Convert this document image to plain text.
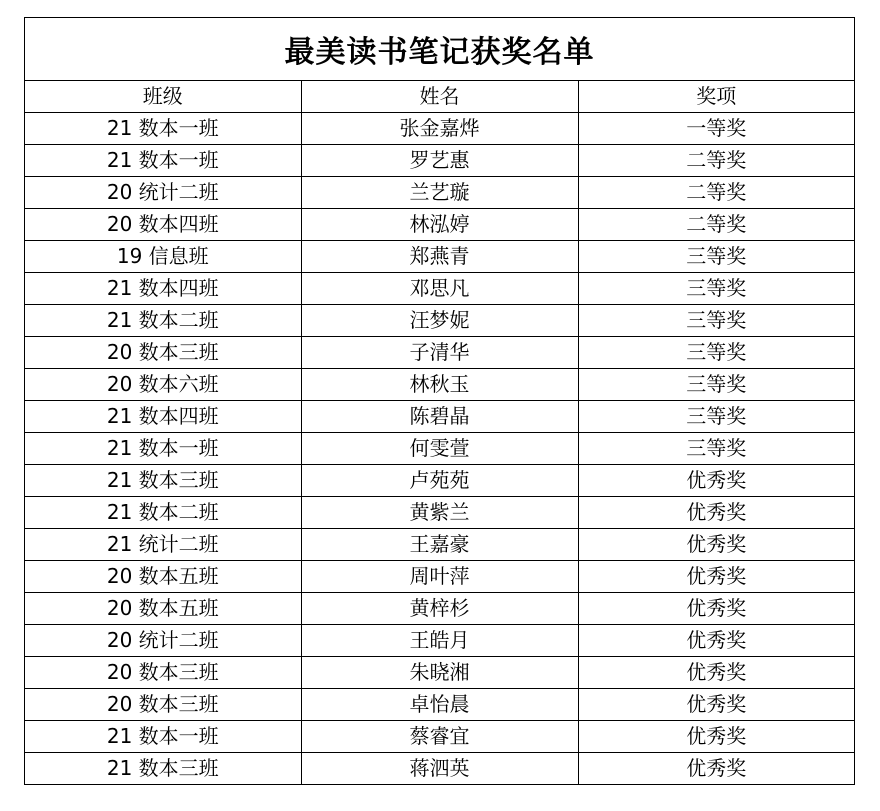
最美读书笔记获奖名单
班级	姓名	奖项
21 数本一班	张金嘉烨	一等奖
21 数本一班	罗艺惠	二等奖
20 统计二班	兰艺璇	二等奖
20 数本四班	林泓婷	二等奖
19 信息班	郑燕青	三等奖
21 数本四班	邓思凡	三等奖
21 数本二班	汪梦妮	三等奖
20 数本三班	子清华	三等奖
20 数本六班	林秋玉	三等奖
21 数本四班	陈碧晶	三等奖
21 数本一班	何雯萱	三等奖
21 数本三班	卢苑苑	优秀奖
21 数本二班	黄紫兰	优秀奖
21 统计二班	王嘉豪	优秀奖
20 数本五班	周叶萍	优秀奖
20 数本五班	黄梓杉	优秀奖
20 统计二班	王皓月	优秀奖
20 数本三班	朱晓湘	优秀奖
20 数本三班	卓怡晨	优秀奖
21 数本一班	蔡睿宜	优秀奖
21 数本三班	蒋泗英	优秀奖
